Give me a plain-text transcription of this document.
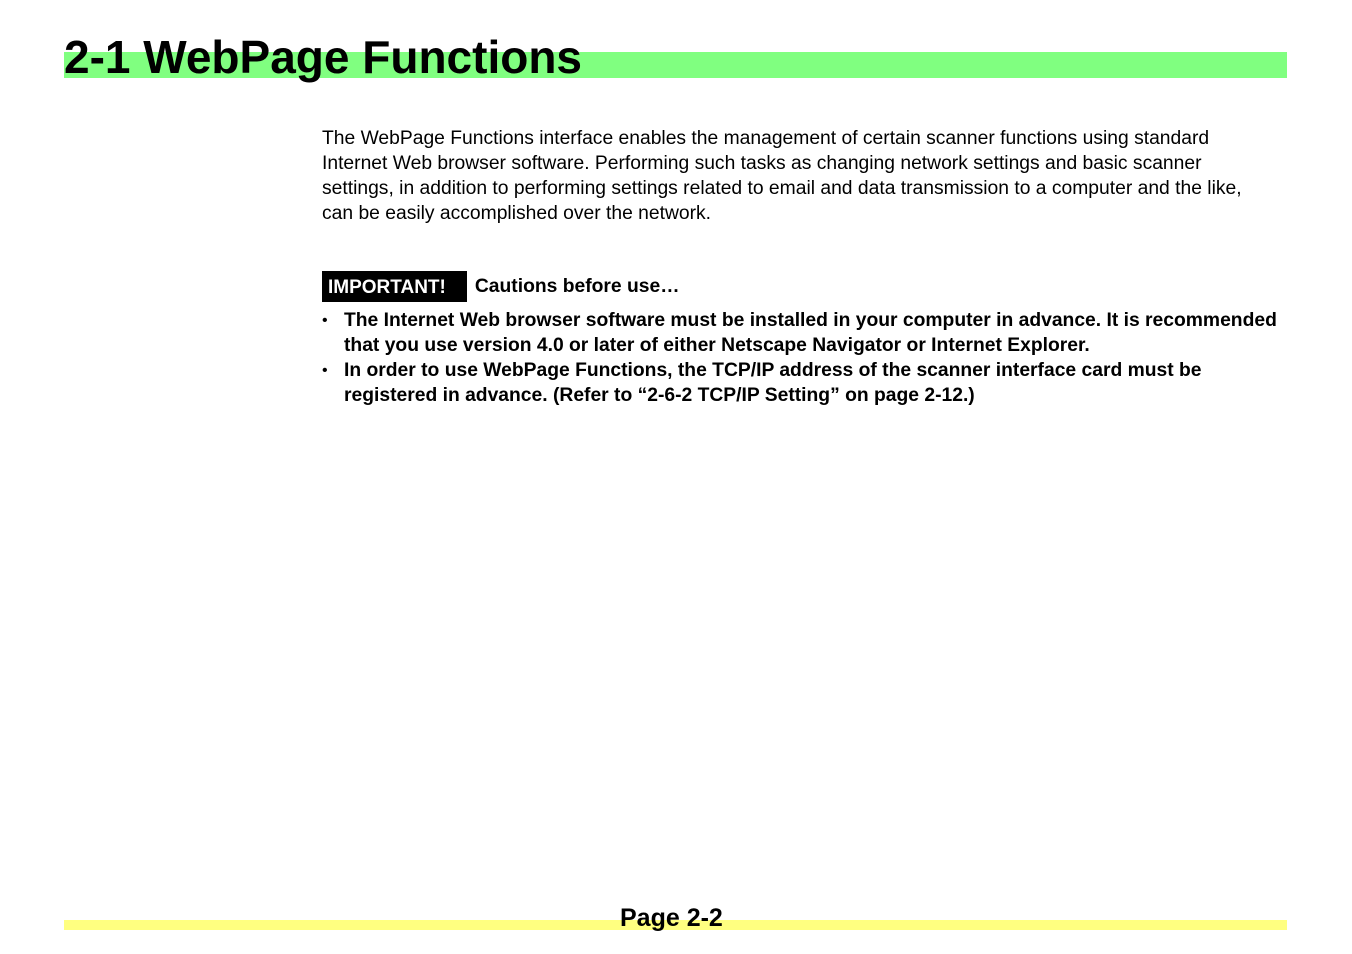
2-1 WebPage Functions

The WebPage Functions interface enables the management of certain scanner functions using standard Internet Web browser software. Performing such tasks as changing network settings and basic scanner settings, in addition to performing settings related to email and data transmission to a computer and the like, can be easily accomplished over the network.

IMPORTANT!	Cautions before use…
• The Internet Web browser software must be installed in your computer in advance. It is recommended that you use version 4.0 or later of either Netscape Navigator or Internet Explorer.
• In order to use WebPage Functions, the TCP/IP address of the scanner interface card must be registered in advance. (Refer to “2-6-2 TCP/IP Setting” on page 2-12.)

Page 2-2
